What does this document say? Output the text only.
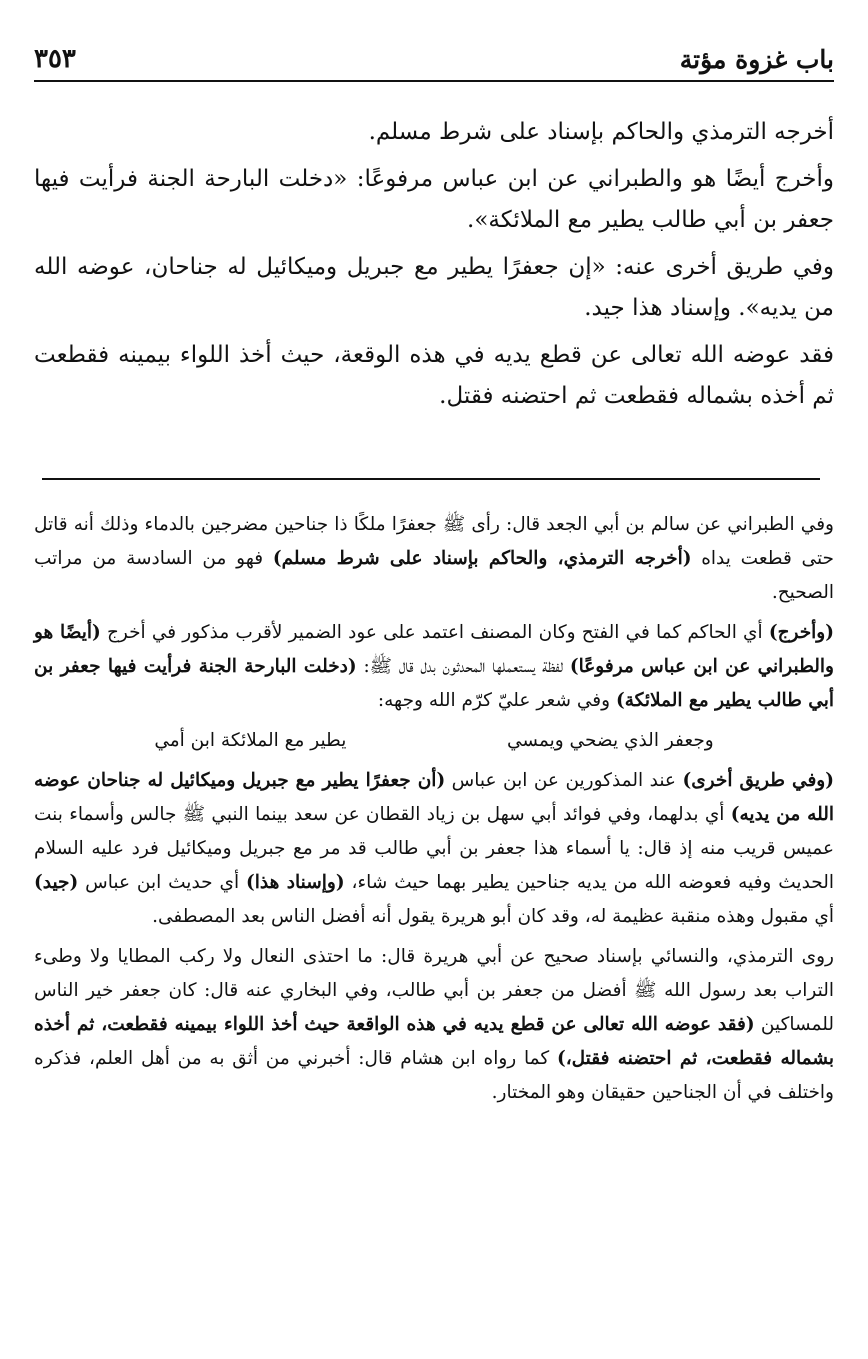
باب غزوة مؤتة
٣٥٣

أخرجه الترمذي والحاكم بإسناد على شرط مسلم.

وأخرج أيضًا هو والطبراني عن ابن عباس مرفوعًا: «دخلت البارحة الجنة فرأيت فيها جعفر بن أبي طالب يطير مع الملائكة».

وفي طريق أخرى عنه: «إن جعفرًا يطير مع جبريل وميكائيل له جناحان، عوضه الله من يديه». وإسناد هذا جيد.

فقد عوضه الله تعالى عن قطع يديه في هذه الوقعة، حيث أخذ اللواء بيمينه فقطعت ثم أخذه بشماله فقطعت ثم احتضنه فقتل.

وفي الطبراني عن سالم بن أبي الجعد قال: رأى ﷺ جعفرًا ملكًا ذا جناحين مضرجين بالدماء وذلك أنه قاتل حتى قطعت يداه (أخرجه الترمذي، والحاكم بإسناد على شرط مسلم) فهو من السادسة من مراتب الصحيح.

(وأخرج) أي الحاكم كما في الفتح وكان المصنف اعتمد على عود الضمير لأقرب مذكور في أخرج (أيضًا هو والطبراني عن ابن عباس مرفوعًا) لفظة يستعملها المحدثون بدل قال ﷺ: (دخلت البارحة الجنة فرأيت فيها جعفر بن أبي طالب يطير مع الملائكة) وفي شعر عليّ كرّم الله وجهه:

وجعفر الذي يضحي ويمسي
يطير مع الملائكة ابن أمي

(وفي طريق أخرى) عند المذكورين عن ابن عباس (أن جعفرًا يطير مع جبريل وميكائيل له جناحان عوضه الله من يديه) أي بدلهما، وفي فوائد أبي سهل بن زياد القطان عن سعد بينما النبي ﷺ جالس وأسماء بنت عميس قريب منه إذ قال: يا أسماء هذا جعفر بن أبي طالب قد مر مع جبريل وميكائيل فرد عليه السلام الحديث وفيه فعوضه الله من يديه جناحين يطير بهما حيث شاء، (وإسناد هذا) أي حديث ابن عباس (جيد) أي مقبول وهذه منقبة عظيمة له، وقد كان أبو هريرة يقول أنه أفضل الناس بعد المصطفى.

روى الترمذي، والنسائي بإسناد صحيح عن أبي هريرة قال: ما احتذى النعال ولا ركب المطايا ولا وطىء التراب بعد رسول الله ﷺ أفضل من جعفر بن أبي طالب، وفي البخاري عنه قال: كان جعفر خير الناس للمساكين (فقد عوضه الله تعالى عن قطع يديه في هذه الواقعة حيث أخذ اللواء بيمينه فقطعت، ثم أخذه بشماله فقطعت، ثم احتضنه فقتل،) كما رواه ابن هشام قال: أخبرني من أثق به من أهل العلم، فذكره واختلف في أن الجناحين حقيقان وهو المختار.
